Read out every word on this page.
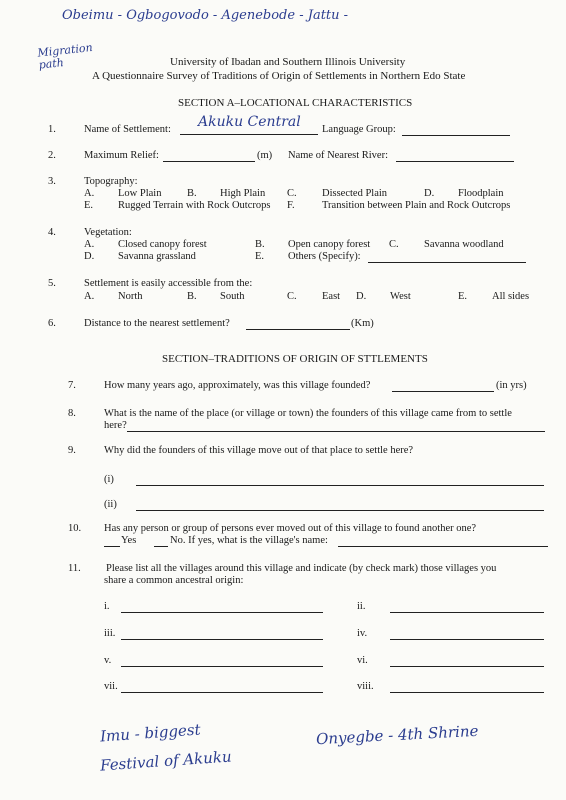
Obeimu - Ogbogovodo - Agenebode - Jattu -
Migration path	University of Ibadan and Southern Illinois University
A Questionnaire Survey of Traditions of Origin of Settlements in Northern Edo State
SECTION A–LOCATIONAL CHARACTERISTICS
1.	Name of Settlement: Akuku Central Language Group:
2.	Maximum Relief:	(m) Name of Nearest River:
3.	Topography:
A. Low Plain B. High Plain C. Dissected Plain	D. Floodplain
E. Rugged Terrain with Rock Outcrops F.	Transition between Plain and Rock Outcrops
4.	Vegetation:
A. Closed canopy forest	B. Open canopy forest C. Savanna woodland
D. Savanna grassland	E. Others (Specify):
5.	Settlement is easily accessible from the:
A. North	B. South	C. East D. West	E. All sides
6.	Distance to the nearest settlement?	(Km)
SECTION–TRADITIONS OF ORIGIN OF STTLEMENTS
7.	How many years ago, approximately, was this village founded?	(in yrs)
8.	What is the name of the place (or village or town) the founders of this village came from to settle
here?
9.	Why did the founders of this village move out of that place to settle here?
(i)
(ii)
10. Has any person or group of persons ever moved out of this village to found another one?
Yes	No. If yes, what is the village's name:
11. Please list all the villages around this village and indicate (by check mark) those villages you
share a common ancestral origin:
i.	ii.
iii.	iv.
v.	vi.
vii.	viii.
Imu - biggest
Festival of Akuku
Onyegbe - 4th Shrine
